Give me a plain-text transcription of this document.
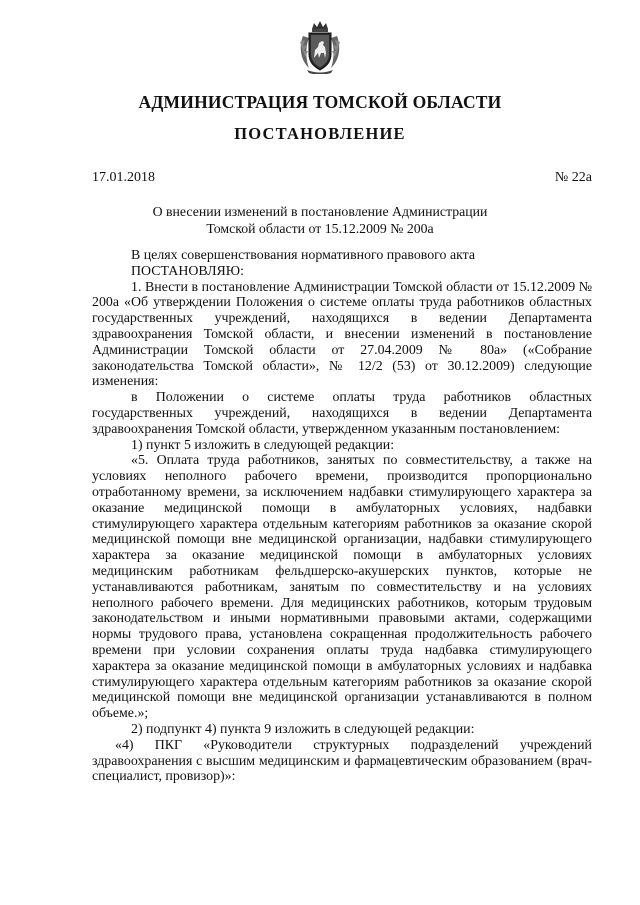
АДМИНИСТРАЦИЯ ТОМСКОЙ ОБЛАСТИ
ПОСТАНОВЛЕНИЕ
17.01.2018	№ 22а
О внесении изменений в постановление Администрации
Томской области от 15.12.2009 № 200а

В целях совершенствования нормативного правового акта

ПОСТАНОВЛЯЮ:

1. Внести в постановление Администрации Томской области от 15.12.2009 № 200а «Об утверждении Положения о системе оплаты труда работников областных государственных учреждений, находящихся в ведении Департамента здравоохранения Томской области, и внесении изменений в постановление Администрации Томской области от 27.04.2009 № 80а» («Собрание законодательства Томской области», № 12/2 (53) от 30.12.2009) следующие изменения:

в Положении о системе оплаты труда работников областных государственных учреждений, находящихся в ведении Департамента здравоохранения Томской области, утвержденном указанным постановлением:

1) пункт 5 изложить в следующей редакции:

«5. Оплата труда работников, занятых по совместительству, а также на условиях неполного рабочего времени, производится пропорционально отработанному времени, за исключением надбавки стимулирующего характера за оказание медицинской помощи в амбулаторных условиях, надбавки стимулирующего характера отдельным категориям работников за оказание скорой медицинской помощи вне медицинской организации, надбавки стимулирующего характера за оказание медицинской помощи в амбулаторных условиях медицинским работникам фельдшерско-акушерских пунктов, которые не устанавливаются работникам, занятым по совместительству и на условиях неполного рабочего времени. Для медицинских работников, которым трудовым законодательством и иными нормативными правовыми актами, содержащими нормы трудового права, установлена сокращенная продолжительность рабочего времени при условии сохранения оплаты труда надбавка стимулирующего характера за оказание медицинской помощи в амбулаторных условиях и надбавка стимулирующего характера отдельным категориям работников за оказание скорой медицинской помощи вне медицинской организации устанавливаются в полном объеме.»;

2) подпункт 4) пункта 9 изложить в следующей редакции:

«4) ПКГ «Руководители структурных подразделений учреждений здравоохранения с высшим медицинским и фармацевтическим образованием (врач-специалист, провизор)»:
